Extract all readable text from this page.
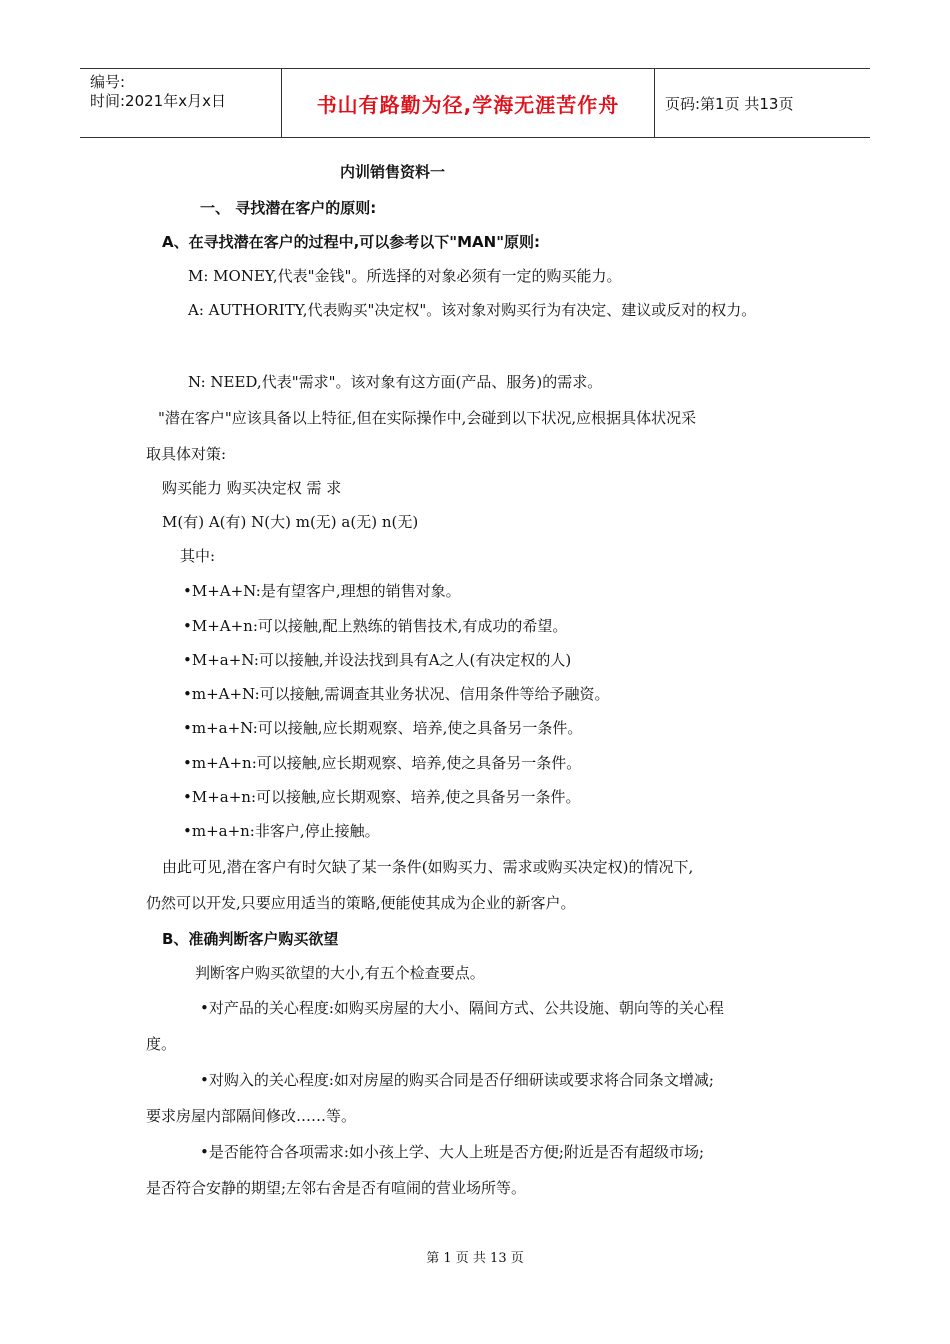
编号:
时间:2021年x月x日	书山有路勤为径,学海无涯苦作舟	页码:第1页 共13页
内训销售资料一
一、 寻找潜在客户的原则:
A、在寻找潜在客户的过程中,可以参考以下"MAN"原则:
M: MONEY,代表"金钱"。所选择的对象必须有一定的购买能力。
A: AUTHORITY,代表购买"决定权"。该对象对购买行为有决定、建议或反对的权力。
N: NEED,代表"需求"。该对象有这方面(产品、服务)的需求。
"潜在客户"应该具备以上特征,但在实际操作中,会碰到以下状况,应根据具体状况采
取具体对策:
购买能力 购买决定权 需 求
M(有) A(有) N(大) m(无) a(无) n(无)
其中:
•M+A+N:是有望客户,理想的销售对象。
•M+A+n:可以接触,配上熟练的销售技术,有成功的希望。
•M+a+N:可以接触,并设法找到具有A之人(有决定权的人)
•m+A+N:可以接触,需调查其业务状况、信用条件等给予融资。
•m+a+N:可以接触,应长期观察、培养,使之具备另一条件。
•m+A+n:可以接触,应长期观察、培养,使之具备另一条件。
•M+a+n:可以接触,应长期观察、培养,使之具备另一条件。
•m+a+n:非客户,停止接触。
由此可见,潜在客户有时欠缺了某一条件(如购买力、需求或购买决定权)的情况下,
仍然可以开发,只要应用适当的策略,便能使其成为企业的新客户。
B、准确判断客户购买欲望
判断客户购买欲望的大小,有五个检查要点。
•对产品的关心程度:如购买房屋的大小、隔间方式、公共设施、朝向等的关心程
度。
•对购入的关心程度:如对房屋的购买合同是否仔细研读或要求将合同条文增减;
要求房屋内部隔间修改……等。
•是否能符合各项需求:如小孩上学、大人上班是否方便;附近是否有超级市场;
是否符合安静的期望;左邻右舍是否有喧闹的营业场所等。
第 1 页 共 13 页
